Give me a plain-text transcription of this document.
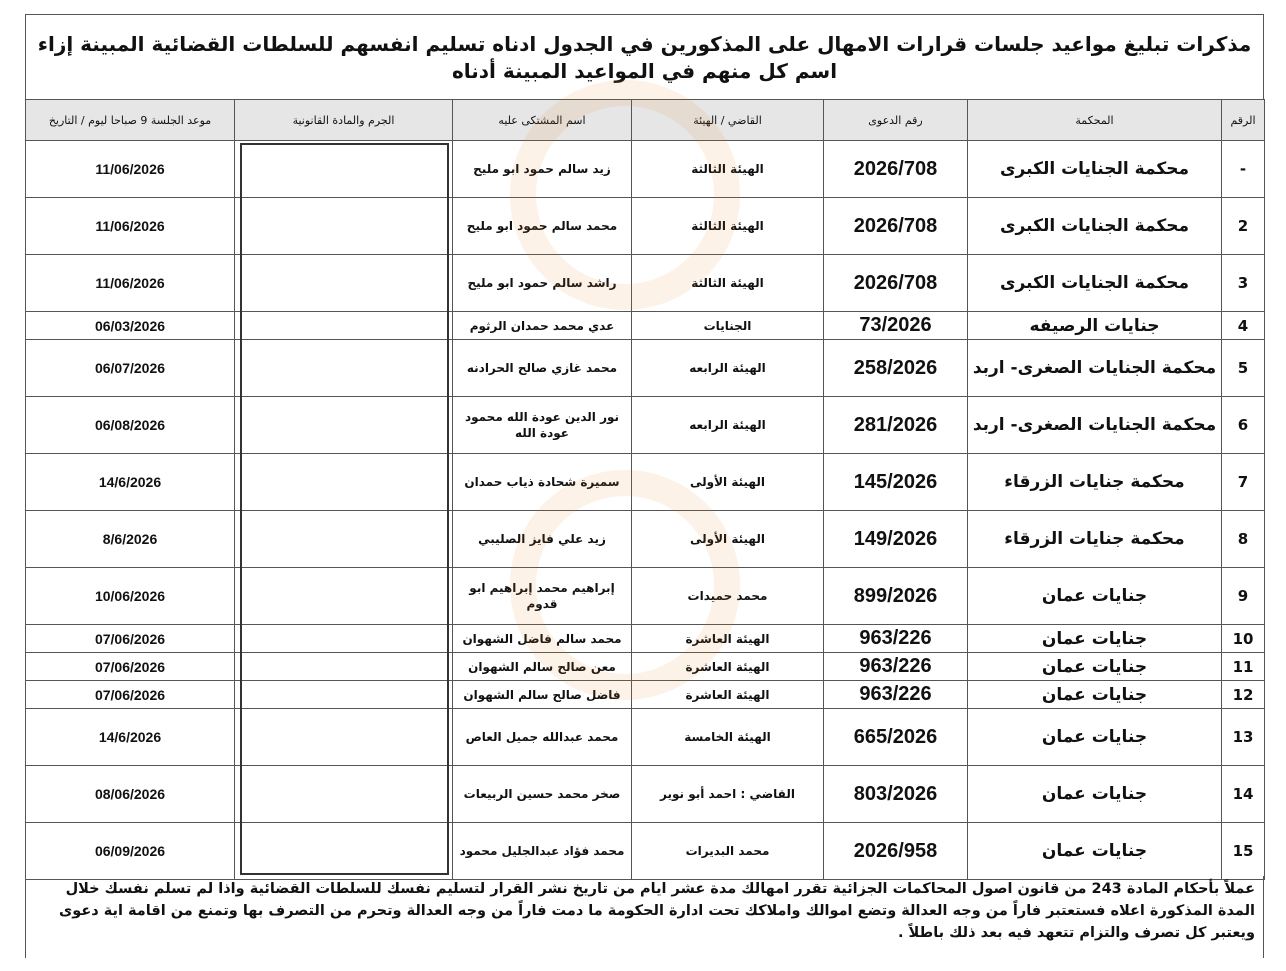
مذكرات تبليغ مواعيد جلسات قرارات الامهال على المذكورين في الجدول ادناه تسليم انفسهم للسلطات القضائية المبينة إزاء اسم كل منهم في المواعيد المبينة أدناه
الرقم	المحكمة	رقم الدعوى	القاضي / الهيئة	اسم المشتكى عليه	الجرم والمادة القانونية	موعد الجلسة 9 صباحا ليوم / التاريخ
-	محكمة الجنايات الكبرى	2026/708	الهيئة الثالثة	زيد سالم حمود ابو مليح		11/06/2026
2	محكمة الجنايات الكبرى	2026/708	الهيئة الثالثة	محمد سالم حمود ابو مليح		11/06/2026
3	محكمة الجنايات الكبرى	2026/708	الهيئة الثالثة	راشد سالم حمود ابو مليح		11/06/2026
4	جنايات الرصيفه	73/2026	الجنايات	عدي محمد حمدان الرثوم		06/03/2026
5	محكمة الجنايات الصغرى- اربد	258/2026	الهيئة الرابعه	محمد غازي صالح الحرادنه		06/07/2026
6	محكمة الجنايات الصغرى- اربد	281/2026	الهيئة الرابعه	نور الدين عودة الله محمود عودة الله		06/08/2026
7	محكمة جنايات الزرقاء	145/2026	الهيئة الأولى	سميرة شحادة ذياب حمدان		14/6/2026
8	محكمة جنايات الزرقاء	149/2026	الهيئة الأولى	زيد علي فايز الصليبي		8/6/2026
9	جنايات عمان	899/2026	محمد حميدات	إبراهيم محمد إبراهيم ابو قدوم		10/06/2026
10	جنايات عمان	963/226	الهيئة العاشرة	محمد سالم فاضل الشهوان		07/06/2026
11	جنايات عمان	963/226	الهيئة العاشرة	معن صالح سالم الشهوان		07/06/2026
12	جنايات عمان	963/226	الهيئة العاشرة	فاضل صالح سالم الشهوان		07/06/2026
13	جنايات عمان	665/2026	الهيئة الخامسة	محمد عبدالله جميل العاص		14/6/2026
14	جنايات عمان	803/2026	القاضي : احمد أبو نوير	صخر محمد حسين الربيعات		08/06/2026
15	جنايات عمان	2026/958	محمد البديرات	محمد فؤاد عبدالجليل محمود		06/09/2026
عملاً بأحكام المادة 243 من قانون اصول المحاكمات الجزائية تقرر امهالك مدة عشر ايام من تاريخ نشر القرار لتسليم نفسك للسلطات القضائية واذا لم تسلم نفسك خلال المدة المذكورة اعلاه فستعتبر فاراً من وجه العدالة وتضع اموالك واملاكك تحت ادارة الحكومة ما دمت فاراً من وجه العدالة وتحرم من التصرف بها وتمنع من اقامة اية دعوى ويعتبر كل تصرف والتزام تتعهد فيه بعد ذلك باطلاً .
